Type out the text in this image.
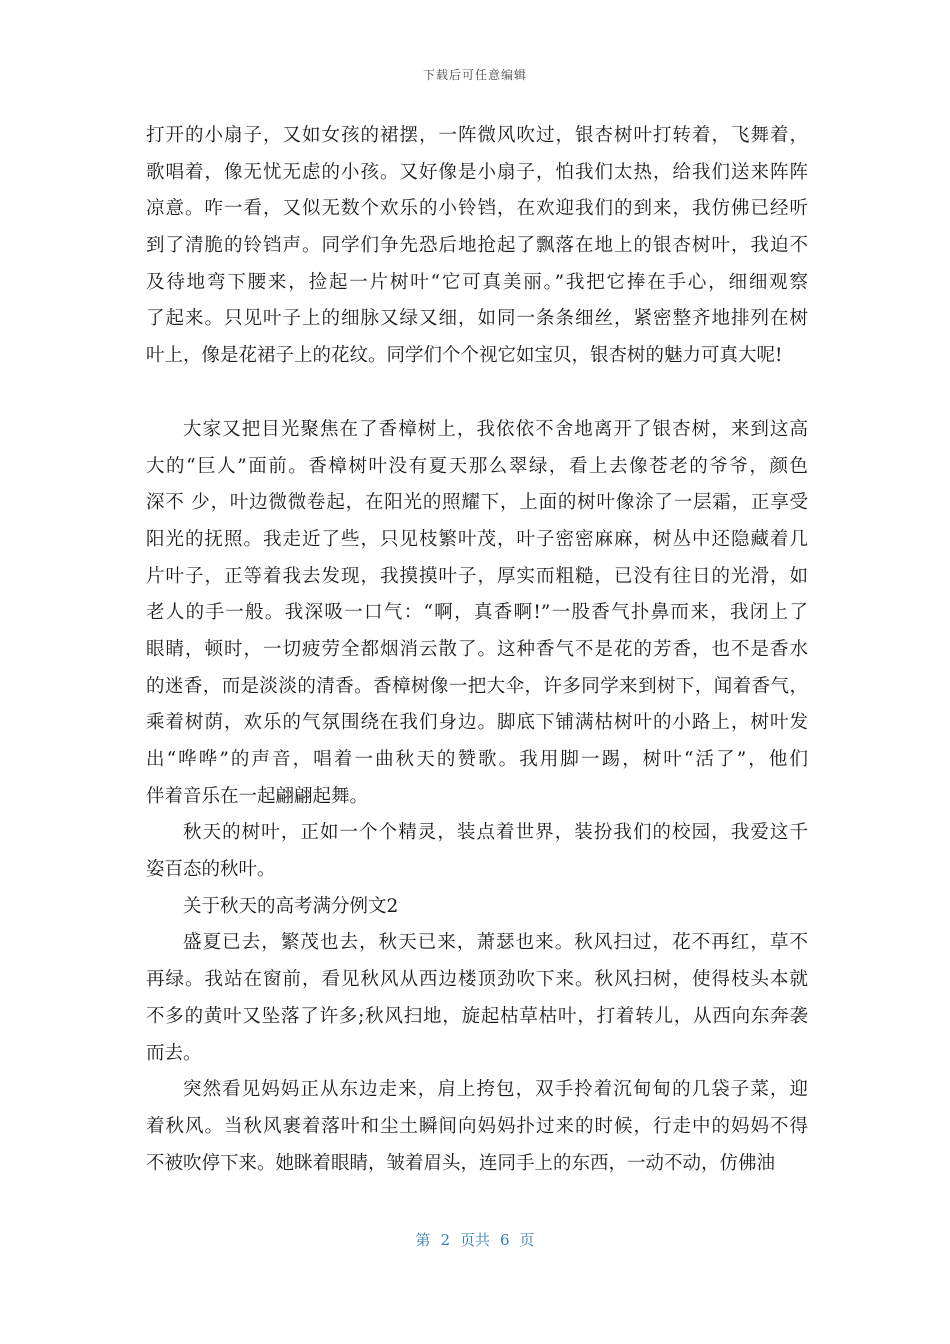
下载后可任意编辑
打开的小扇子，又如女孩的裙摆，一阵微风吹过，银杏树叶打转着，飞舞着，
歌唱着，像无忧无虑的小孩。又好像是小扇子，怕我们太热，给我们送来阵阵
凉意。咋一看，又似无数个欢乐的小铃铛，在欢迎我们的到来，我仿佛已经听
到了清脆的铃铛声。同学们争先恐后地抢起了飘落在地上的银杏树叶，我迫不
及待地弯下腰来，捡起一片树叶“它可真美丽。”我把它捧在手心，细细观察
了起来。只见叶子上的细脉又绿又细，如同一条条细丝，紧密整齐地排列在树
叶上，像是花裙子上的花纹。同学们个个视它如宝贝，银杏树的魅力可真大呢!
大家又把目光聚焦在了香樟树上，我依依不舍地离开了银杏树，来到这高
大的“巨人”面前。香樟树叶没有夏天那么翠绿，看上去像苍老的爷爷，颜色
深不 少，叶边微微卷起，在阳光的照耀下，上面的树叶像涂了一层霜，正享受
阳光的抚照。我走近了些，只见枝繁叶茂，叶子密密麻麻，树丛中还隐藏着几
片叶子，正等着我去发现，我摸摸叶子，厚实而粗糙，已没有往日的光滑，如
老人的手一般。我深吸一口气：“啊，真香啊!”一股香气扑鼻而来，我闭上了
眼睛，顿时，一切疲劳全都烟消云散了。这种香气不是花的芳香，也不是香水
的迷香，而是淡淡的清香。香樟树像一把大伞，许多同学来到树下，闻着香气，
乘着树荫，欢乐的气氛围绕在我们身边。脚底下铺满枯树叶的小路上，树叶发
出“哗哗”的声音，唱着一曲秋天的赞歌。我用脚一踢，树叶“活了”，他们
伴着音乐在一起翩翩起舞。
秋天的树叶，正如一个个精灵，装点着世界，装扮我们的校园，我爱这千
姿百态的秋叶。
关于秋天的高考满分例文2
盛夏已去，繁茂也去，秋天已来，萧瑟也来。秋风扫过，花不再红，草不
再绿。我站在窗前，看见秋风从西边楼顶劲吹下来。秋风扫树，使得枝头本就
不多的黄叶又坠落了许多;秋风扫地，旋起枯草枯叶，打着转儿，从西向东奔袭
而去。
突然看见妈妈正从东边走来，肩上挎包，双手拎着沉甸甸的几袋子菜，迎
着秋风。当秋风裹着落叶和尘土瞬间向妈妈扑过来的时候，行走中的妈妈不得
不被吹停下来。她眯着眼睛，皱着眉头，连同手上的东西，一动不动，仿佛油
第 2 页共 6 页
